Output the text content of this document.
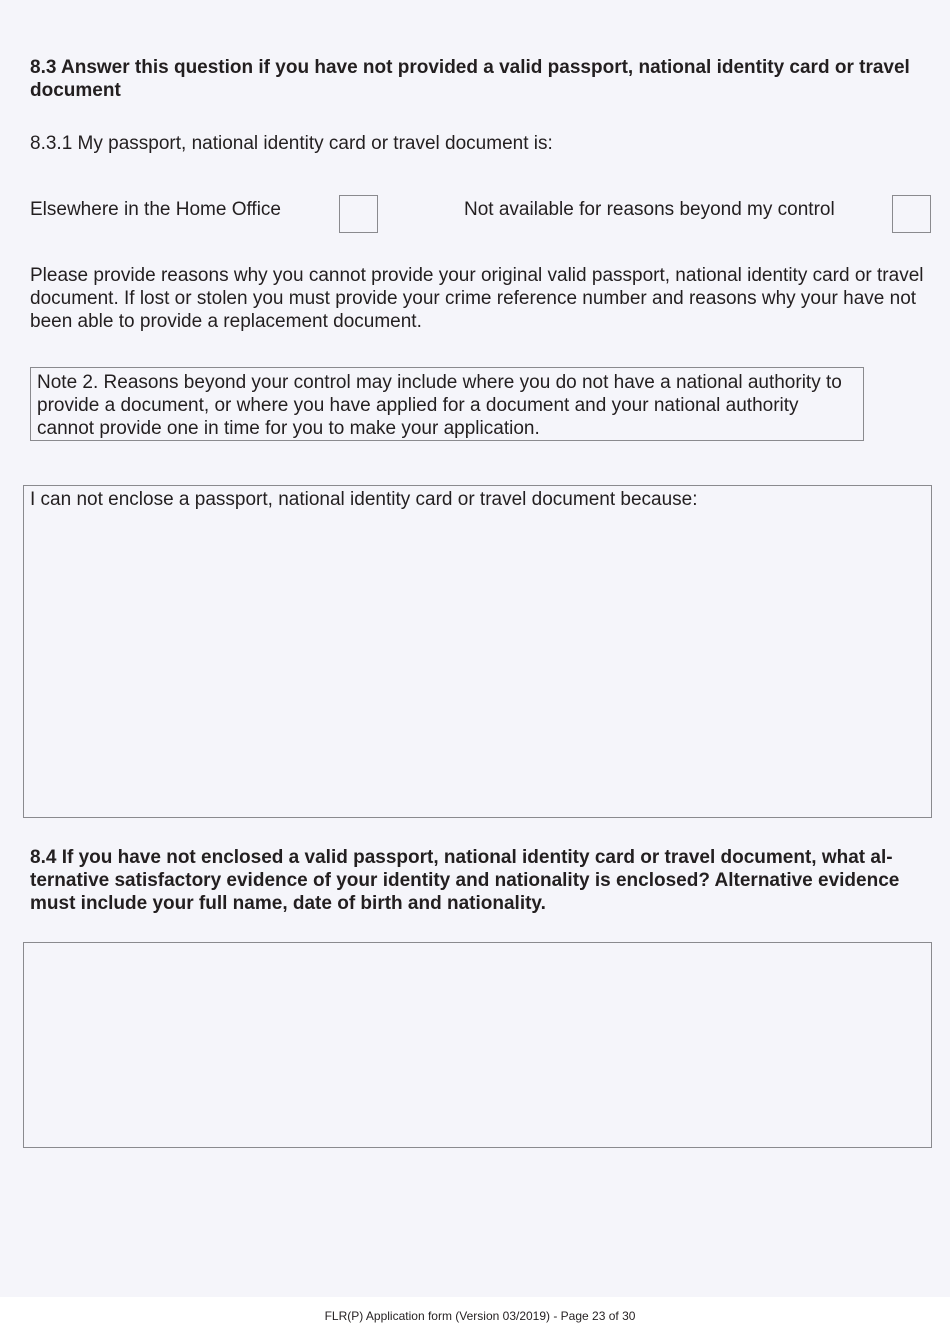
8.3 Answer this question if you have not provided a valid passport, national identity card or travel document

8.3.1 My passport, national identity card or travel document is:

Elsewhere in the Home Office	Not available for reasons beyond my control

Please provide reasons why you cannot provide your original valid passport, national identity card or travel document. If lost or stolen you must provide your crime reference number and reasons why your have not been able to provide a replacement document.

Note 2. Reasons beyond your control may include where you do not have a national authority to provide a document, or where you have applied for a document and your national authority cannot provide one in time for you to make your application.
I can not enclose a passport, national identity card or travel document because:

8.4 If you have not enclosed a valid passport, national identity card or travel document, what alternative satisfactory evidence of your identity and nationality is enclosed? Alternative evidence must include your full name, date of birth and nationality.

FLR(P) Application form (Version 03/2019) - Page 23 of 30
